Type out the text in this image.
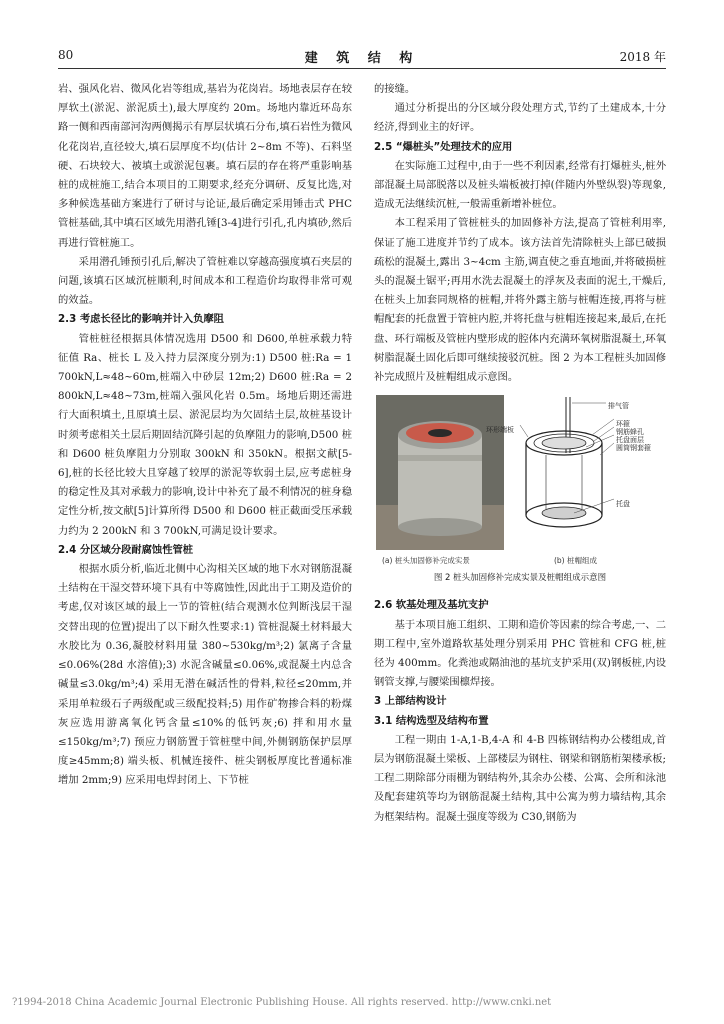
80	建 筑 结 构	2018 年

岩、强风化岩、微风化岩等组成,基岩为花岗岩。场地表层存在较厚软土(淤泥、淤泥质土),最大厚度约 20m。场地内靠近环岛东路一侧和西南部河沟两侧揭示有厚层状填石分布,填石岩性为微风化花岗岩,直径较大,填石层厚度不均(估计 2~8m 不等)、石料坚硬、石块较大、被填土或淤泥包裹。填石层的存在将严重影响基桩的成桩施工,结合本项目的工期要求,经充分调研、反复比选,对多种候选基础方案进行了研讨与论证,最后确定采用锤击式 PHC 管桩基础,其中填石区域先用潜孔锤[3-4]进行引孔,孔内填砂,然后再进行管桩施工。

采用潜孔锤预引孔后,解决了管桩难以穿越高强度填石夹层的问题,该填石区域沉桩顺利,时间成本和工程造价均取得非常可观的效益。

2.3 考虑长径比的影响并计入负摩阻

管桩桩径根据具体情况选用 D500 和 D600,单桩承载力特征值 Ra、桩长 L 及入持力层深度分别为:1) D500 桩:Ra = 1 700kN,L≈48~60m,桩端入中砂层 12m;2) D600 桩:Ra = 2 800kN,L≈48~73m,桩端入强风化岩 0.5m。场地后期还需进行大面积填土,且原填土层、淤泥层均为欠固结土层,故桩基设计时须考虑相关土层后期固结沉降引起的负摩阻力的影响,D500 桩和 D600 桩负摩阻力分别取 300kN 和 350kN。根据文献[5-6],桩的长径比较大且穿越了较厚的淤泥等软弱土层,应考虑桩身的稳定性及其对承载力的影响,设计中补充了最不利情况的桩身稳定性分析,按文献[5]计算所得 D500 和 D600 桩正截面受压承载力约为 2 200kN 和 3 700kN,可满足设计要求。

2.4 分区域分段耐腐蚀性管桩

根据水质分析,临近北侧中心沟相关区域的地下水对钢筋混凝土结构在干湿交替环境下具有中等腐蚀性,因此出于工期及造价的考虑,仅对该区域的最上一节的管桩(结合观测水位判断浅层干湿交替出现的位置)提出了以下耐久性要求:1) 管桩混凝土材料最大水胶比为 0.36,凝胶材料用量 380~530kg/m³;2) 氯离子含量≤0.06%(28d 水溶值);3) 水泥含碱量≤0.06%,或混凝土内总含碱量≤3.0kg/m³;4) 采用无潜在碱活性的骨料,粒径≤20mm,并采用单粒级石子两级配或三级配投料;5) 用作矿物掺合料的粉煤灰应选用游离氧化钙含量≤10%的低钙灰;6) 拌和用水量≤150kg/m³;7) 预应力钢筋置于管桩壁中间,外侧钢筋保护层厚度≥45mm;8) 端头板、机械连接件、桩尖钢板厚度比普通标准增加 2mm;9) 应采用电焊封闭上、下节桩

的接缝。

通过分析提出的分区域分段处理方式,节约了土建成本,十分经济,得到业主的好评。

2.5 “爆桩头”处理技术的应用

在实际施工过程中,由于一些不利因素,经常有打爆桩头,桩外部混凝土局部脱落以及桩头端板被打掉(伴随内外壁纵裂)等现象,造成无法继续沉桩,一般需重新增补桩位。

本工程采用了管桩桩头的加固修补方法,提高了管桩利用率,保证了施工进度并节约了成本。该方法首先清除桩头上部已破损疏松的混凝土,露出 3~4cm 主筋,调直使之垂直地面,并将破损桩头的混凝土锯平;再用水洗去混凝土的浮灰及表面的泥土,干燥后,在桩头上加套同规格的桩帽,并将外露主筋与桩帽连接,再将与桩帽配套的托盘置于管桩内腔,并将托盘与桩帽连接起来,最后,在托盘、环行端板及管桩内壁形成的腔体内充满环氧树脂混凝土,环氧树脂混凝土固化后即可继续接驳沉桩。图 2 为本工程桩头加固修补完成照片及桩帽组成示意图。

排气管
环形端板
环箍
钢筋蜂孔
托盘面层
圆筒钢套箍
托盘
(a) 桩头加固修补完成实景	(b) 桩帽组成
图 2 桩头加固修补完成实景及桩帽组成示意图
2.6 软基处理及基坑支护

基于本项目施工组织、工期和造价等因素的综合考虑,一、二期工程中,室外道路软基处理分别采用 PHC 管桩和 CFG 桩,桩径为 400mm。化粪池或隔油池的基坑支护采用(双)钢板桩,内设钢管支撑,与腰梁围檩焊接。

3 上部结构设计
3.1 结构选型及结构布置

工程一期由 1-A,1-B,4-A 和 4-B 四栋钢结构办公楼组成,首层为钢筋混凝土梁板、上部楼层为钢柱、钢梁和钢筋桁架楼承板;工程二期除部分雨棚为钢结构外,其余办公楼、公寓、会所和泳池及配套建筑等均为钢筋混凝土结构,其中公寓为剪力墙结构,其余为框架结构。混凝土强度等级为 C30,钢筋为

?1994-2018 China Academic Journal Electronic Publishing House. All rights reserved. http://www.cnki.net
